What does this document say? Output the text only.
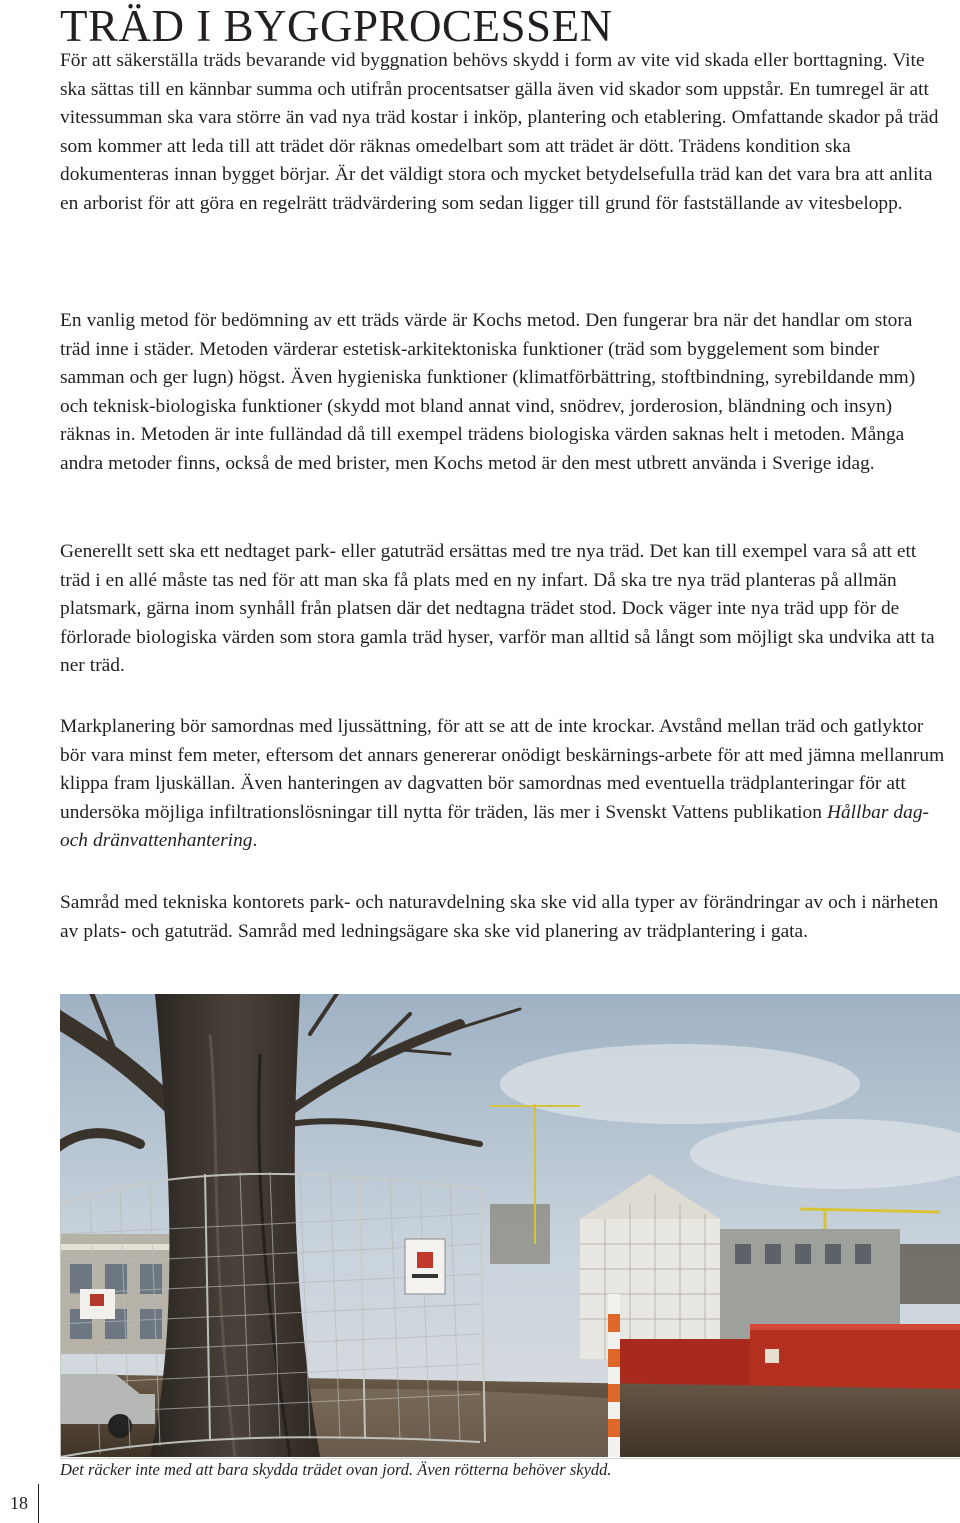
TRÄD I BYGGPROCESSEN

För att säkerställa träds bevarande vid byggnation behövs skydd i form av vite vid skada eller borttagning. Vite ska sättas till en kännbar summa och utifrån procentsatser gälla även vid skador som uppstår. En tumregel är att vitessumman ska vara större än vad nya träd kostar i inköp, plantering och etablering. Omfattande skador på träd som kommer att leda till att trädet dör räknas omedelbart som att trädet är dött. Trädens kondition ska dokumenteras innan bygget börjar. Är det väldigt stora och mycket betydelsefulla träd kan det vara bra att anlita en arborist för att göra en regelrätt trädvärdering som sedan ligger till grund för fastställande av vitesbelopp.

En vanlig metod för bedömning av ett träds värde är Kochs metod. Den fungerar bra när det handlar om stora träd inne i städer. Metoden värderar estetisk-arkitektoniska funktioner (träd som byggelement som binder samman och ger lugn) högst. Även hygieniska funktioner (klimatförbättring, stoftbindning, syrebildande mm) och teknisk-biologiska funktioner (skydd mot bland annat vind, snödrev, jorderosion, bländning och insyn) räknas in. Metoden är inte fulländad då till exempel trädens biologiska värden saknas helt i metoden. Många andra metoder finns, också de med brister, men Kochs metod är den mest utbrett använda i Sverige idag.

Generellt sett ska ett nedtaget park- eller gatuträd ersättas med tre nya träd. Det kan till exempel vara så att ett träd i en allé måste tas ned för att man ska få plats med en ny infart. Då ska tre nya träd planteras på allmän platsmark, gärna inom synhåll från platsen där det nedtagna trädet stod. Dock väger inte nya träd upp för de förlorade biologiska värden som stora gamla träd hyser, varför man alltid så långt som möjligt ska undvika att ta ner träd.

Markplanering bör samordnas med ljussättning, för att se att de inte krockar. Avstånd mellan träd och gatlyktor bör vara minst fem meter, eftersom det annars genererar onödigt beskärnings-arbete för att med jämna mellanrum klippa fram ljuskällan. Även hanteringen av dagvatten bör samordnas med eventuella trädplanteringar för att undersöka möjliga infiltrationslösningar till nytta för träden, läs mer i Svenskt Vattens publikation Hållbar dag- och dränvattenhantering.

Samråd med tekniska kontorets park- och naturavdelning ska ske vid alla typer av förändringar av och i närheten av plats- och gatuträd. Samråd med ledningsägare ska ske vid planering av trädplantering i gata.

Det räcker inte med att bara skydda trädet ovan jord. Även rötterna behöver skydd.
18
